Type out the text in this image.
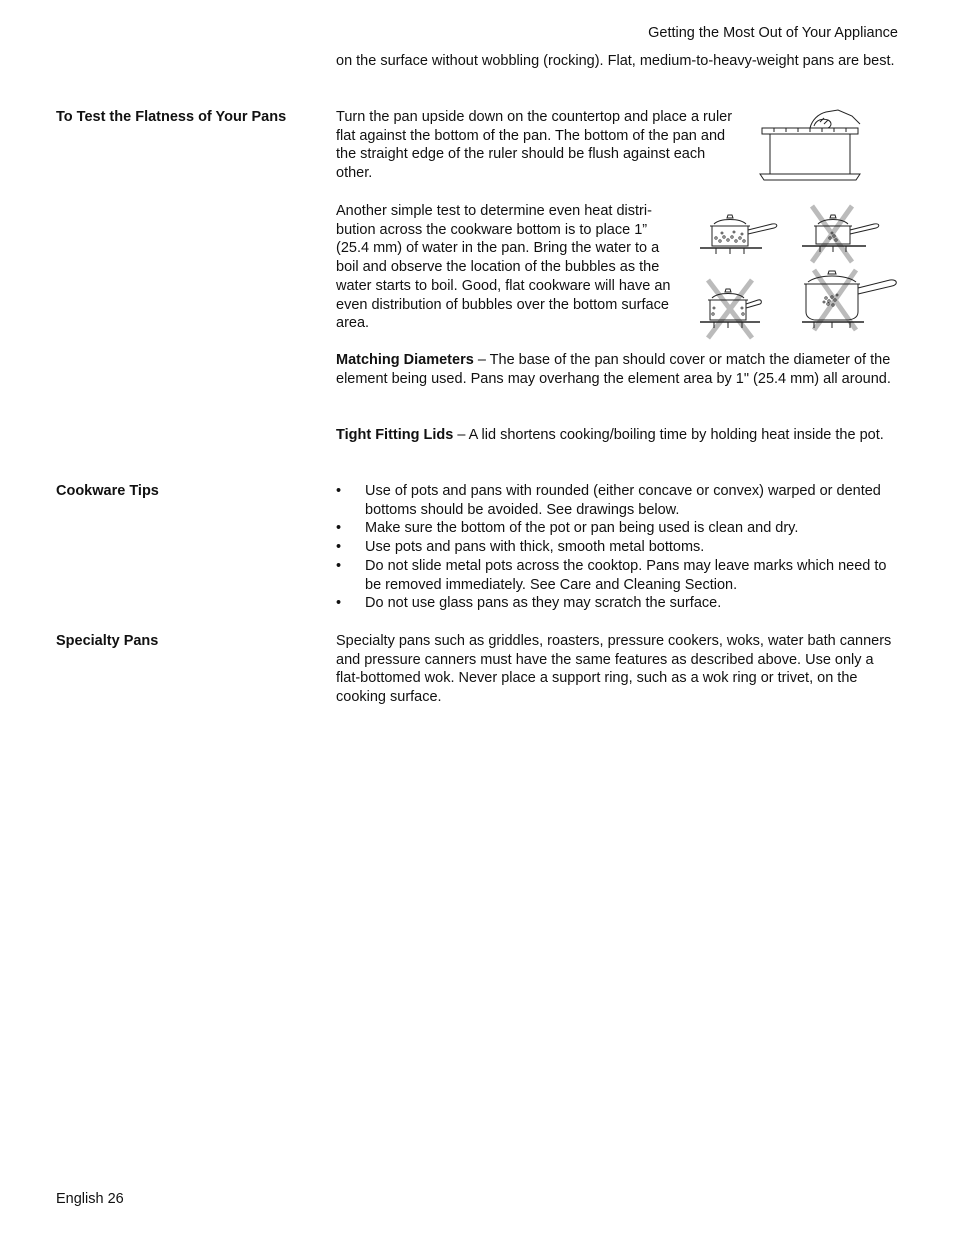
Getting the Most Out of Your Appliance

on the surface without wobbling (rocking). Flat, medium-to-heavy-weight pans are best.

To Test the Flatness of Your Pans	Turn the pan upside down on the countertop and place a ruler flat against the bottom of the pan. The bottom of the pan and the straight edge of the ruler should be flush against each other.

Another simple test to determine even heat distri-bution across the cookware bottom is to place 1” (25.4 mm) of water in the pan. Bring the water to a boil and observe the location of the bubbles as the water starts to boil. Good, flat cookware will have an even distribution of bubbles over the bottom surface area.

Matching Diameters – The base of the pan should cover or match the diameter of the element being used. Pans may overhang the element area by 1" (25.4 mm) all around.

Tight Fitting Lids – A lid shortens cooking/boiling time by holding heat inside the pot.

Cookware Tips	• Use of pots and pans with rounded (either concave or convex) warped or dented bottoms should be avoided. See drawings below.
• Make sure the bottom of the pot or pan being used is clean and dry.
• Use pots and pans with thick, smooth metal bottoms.
• Do not slide metal pots across the cooktop. Pans may leave marks which need to be removed immediately. See Care and Cleaning Section.
• Do not use glass pans as they may scratch the surface.
Specialty Pans	Specialty pans such as griddles, roasters, pressure cookers, woks, water bath canners and pressure canners must have the same features as described above. Use only a flat-bottomed wok. Never place a support ring, such as a wok ring or trivet, on the cooking surface.

English 26
